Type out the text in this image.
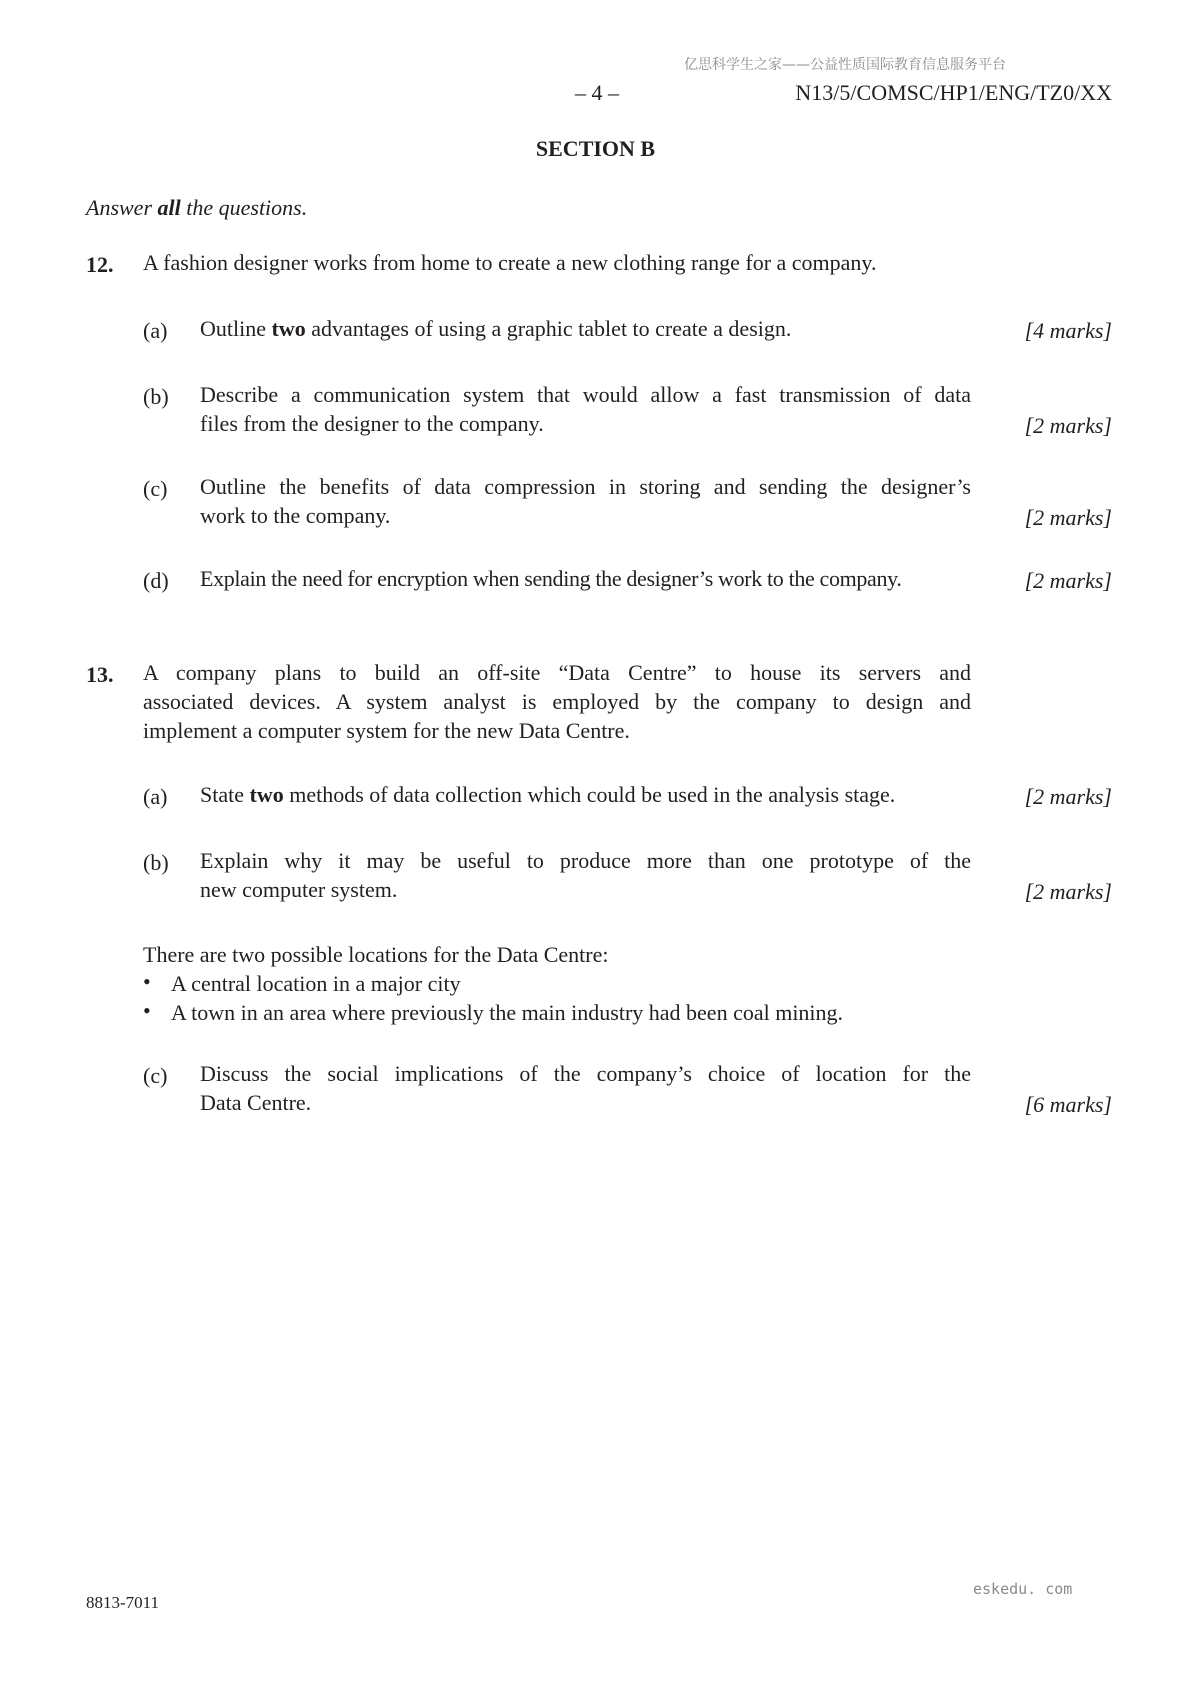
亿思科学生之家——公益性质国际教育信息服务平台
– 4 –	N13/5/COMSC/HP1/ENG/TZ0/XX
SECTION B
Answer all the questions.
12. A fashion designer works from home to create a new clothing range for a company.
(a) Outline two advantages of using a graphic tablet to create a design.	[4 marks]
(b) Describe a communication system that would allow a fast transmission of data
files from the designer to the company.	[2 marks]
(c) Outline the benefits of data compression in storing and sending the designer’s
work to the company.	[2 marks]
(d) Explain the need for encryption when sending the designer’s work to the company.	[2 marks]
13. A company plans to build an off-site “Data Centre” to house its servers and
associated devices. A system analyst is employed by the company to design and
implement a computer system for the new Data Centre.
(a) State two methods of data collection which could be used in the analysis stage.	[2 marks]
(b) Explain why it may be useful to produce more than one prototype of the
new computer system.	[2 marks]
There are two possible locations for the Data Centre:
• A central location in a major city
• A town in an area where previously the main industry had been coal mining.
(c) Discuss the social implications of the company’s choice of location for the
Data Centre.	[6 marks]
eskedu. com
8813-7011
